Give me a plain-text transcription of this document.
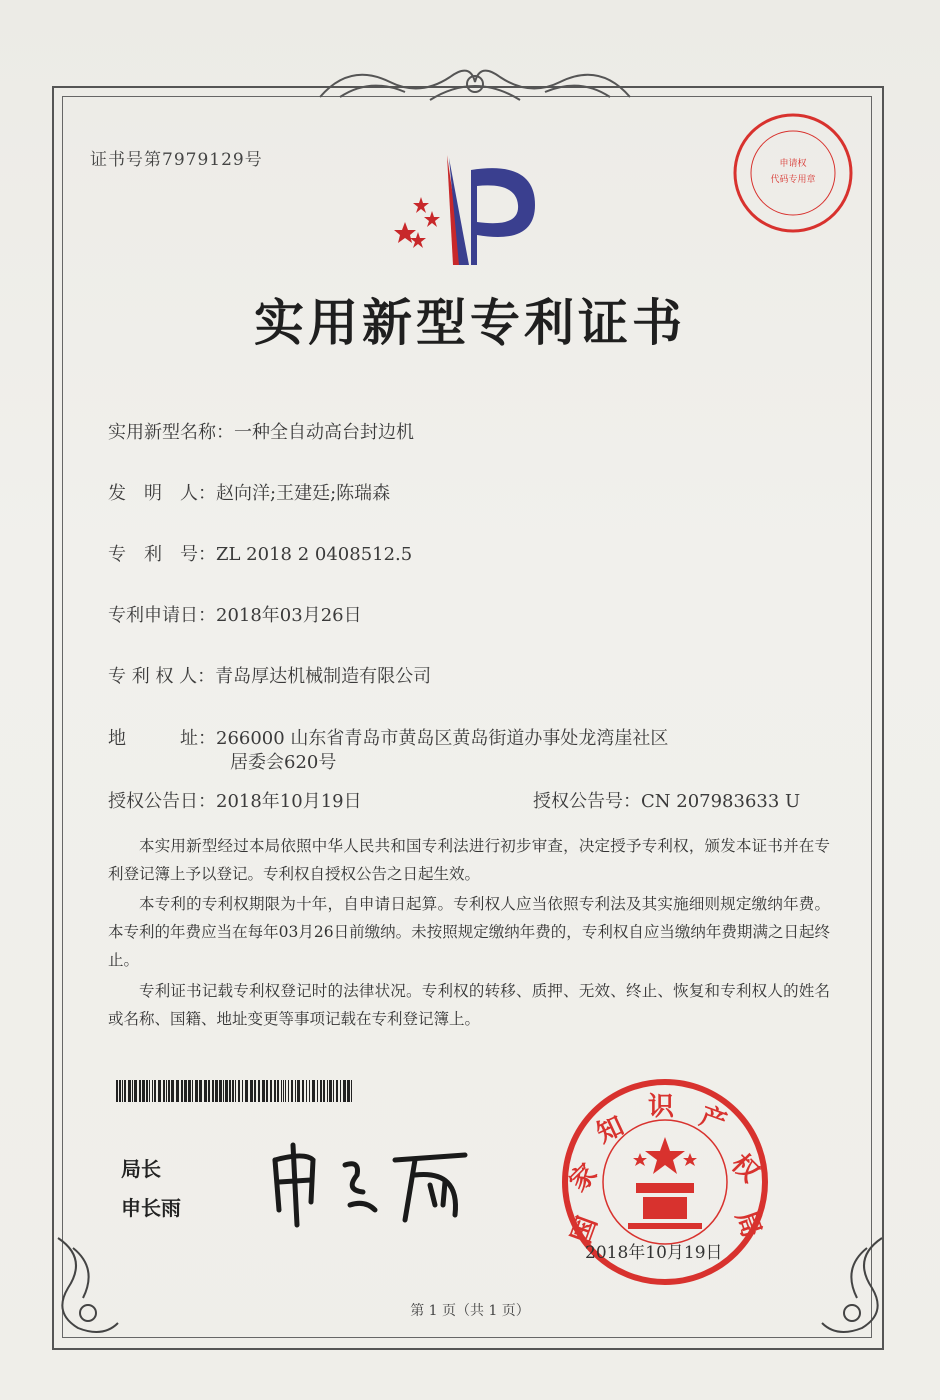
证书号第7979129号	申请权
代码专用章
实用新型专利证书
实用新型名称：一种全自动高台封边机
发　明　人：赵向洋;王建廷;陈瑞森
专　利　号：ZL 2018 2 0408512.5
专利申请日：2018年03月26日
专 利 权 人：青岛厚达机械制造有限公司
地　　　址：266000 山东省青岛市黄岛区黄岛街道办事处龙湾崖社区
居委会620号
授权公告日：2018年10月19日	授权公告号：CN 207983633 U
本实用新型经过本局依照中华人民共和国专利法进行初步审查，决定授予专利权，颁发本证书并在专利登记簿上予以登记。专利权自授权公告之日起生效。
本专利的专利权期限为十年，自申请日起算。专利权人应当依照专利法及其实施细则规定缴纳年费。本专利的年费应当在每年03月26日前缴纳。未按照规定缴纳年费的，专利权自应当缴纳年费期满之日起终止。
专利证书记载专利权登记时的法律状况。专利权的转移、质押、无效、终止、恢复和专利权人的姓名或名称、国籍、地址变更等事项记载在专利登记簿上。
局长
申长雨
国
家
知
识 产
权
局
2018年10月19日
第 1 页（共 1 页）
